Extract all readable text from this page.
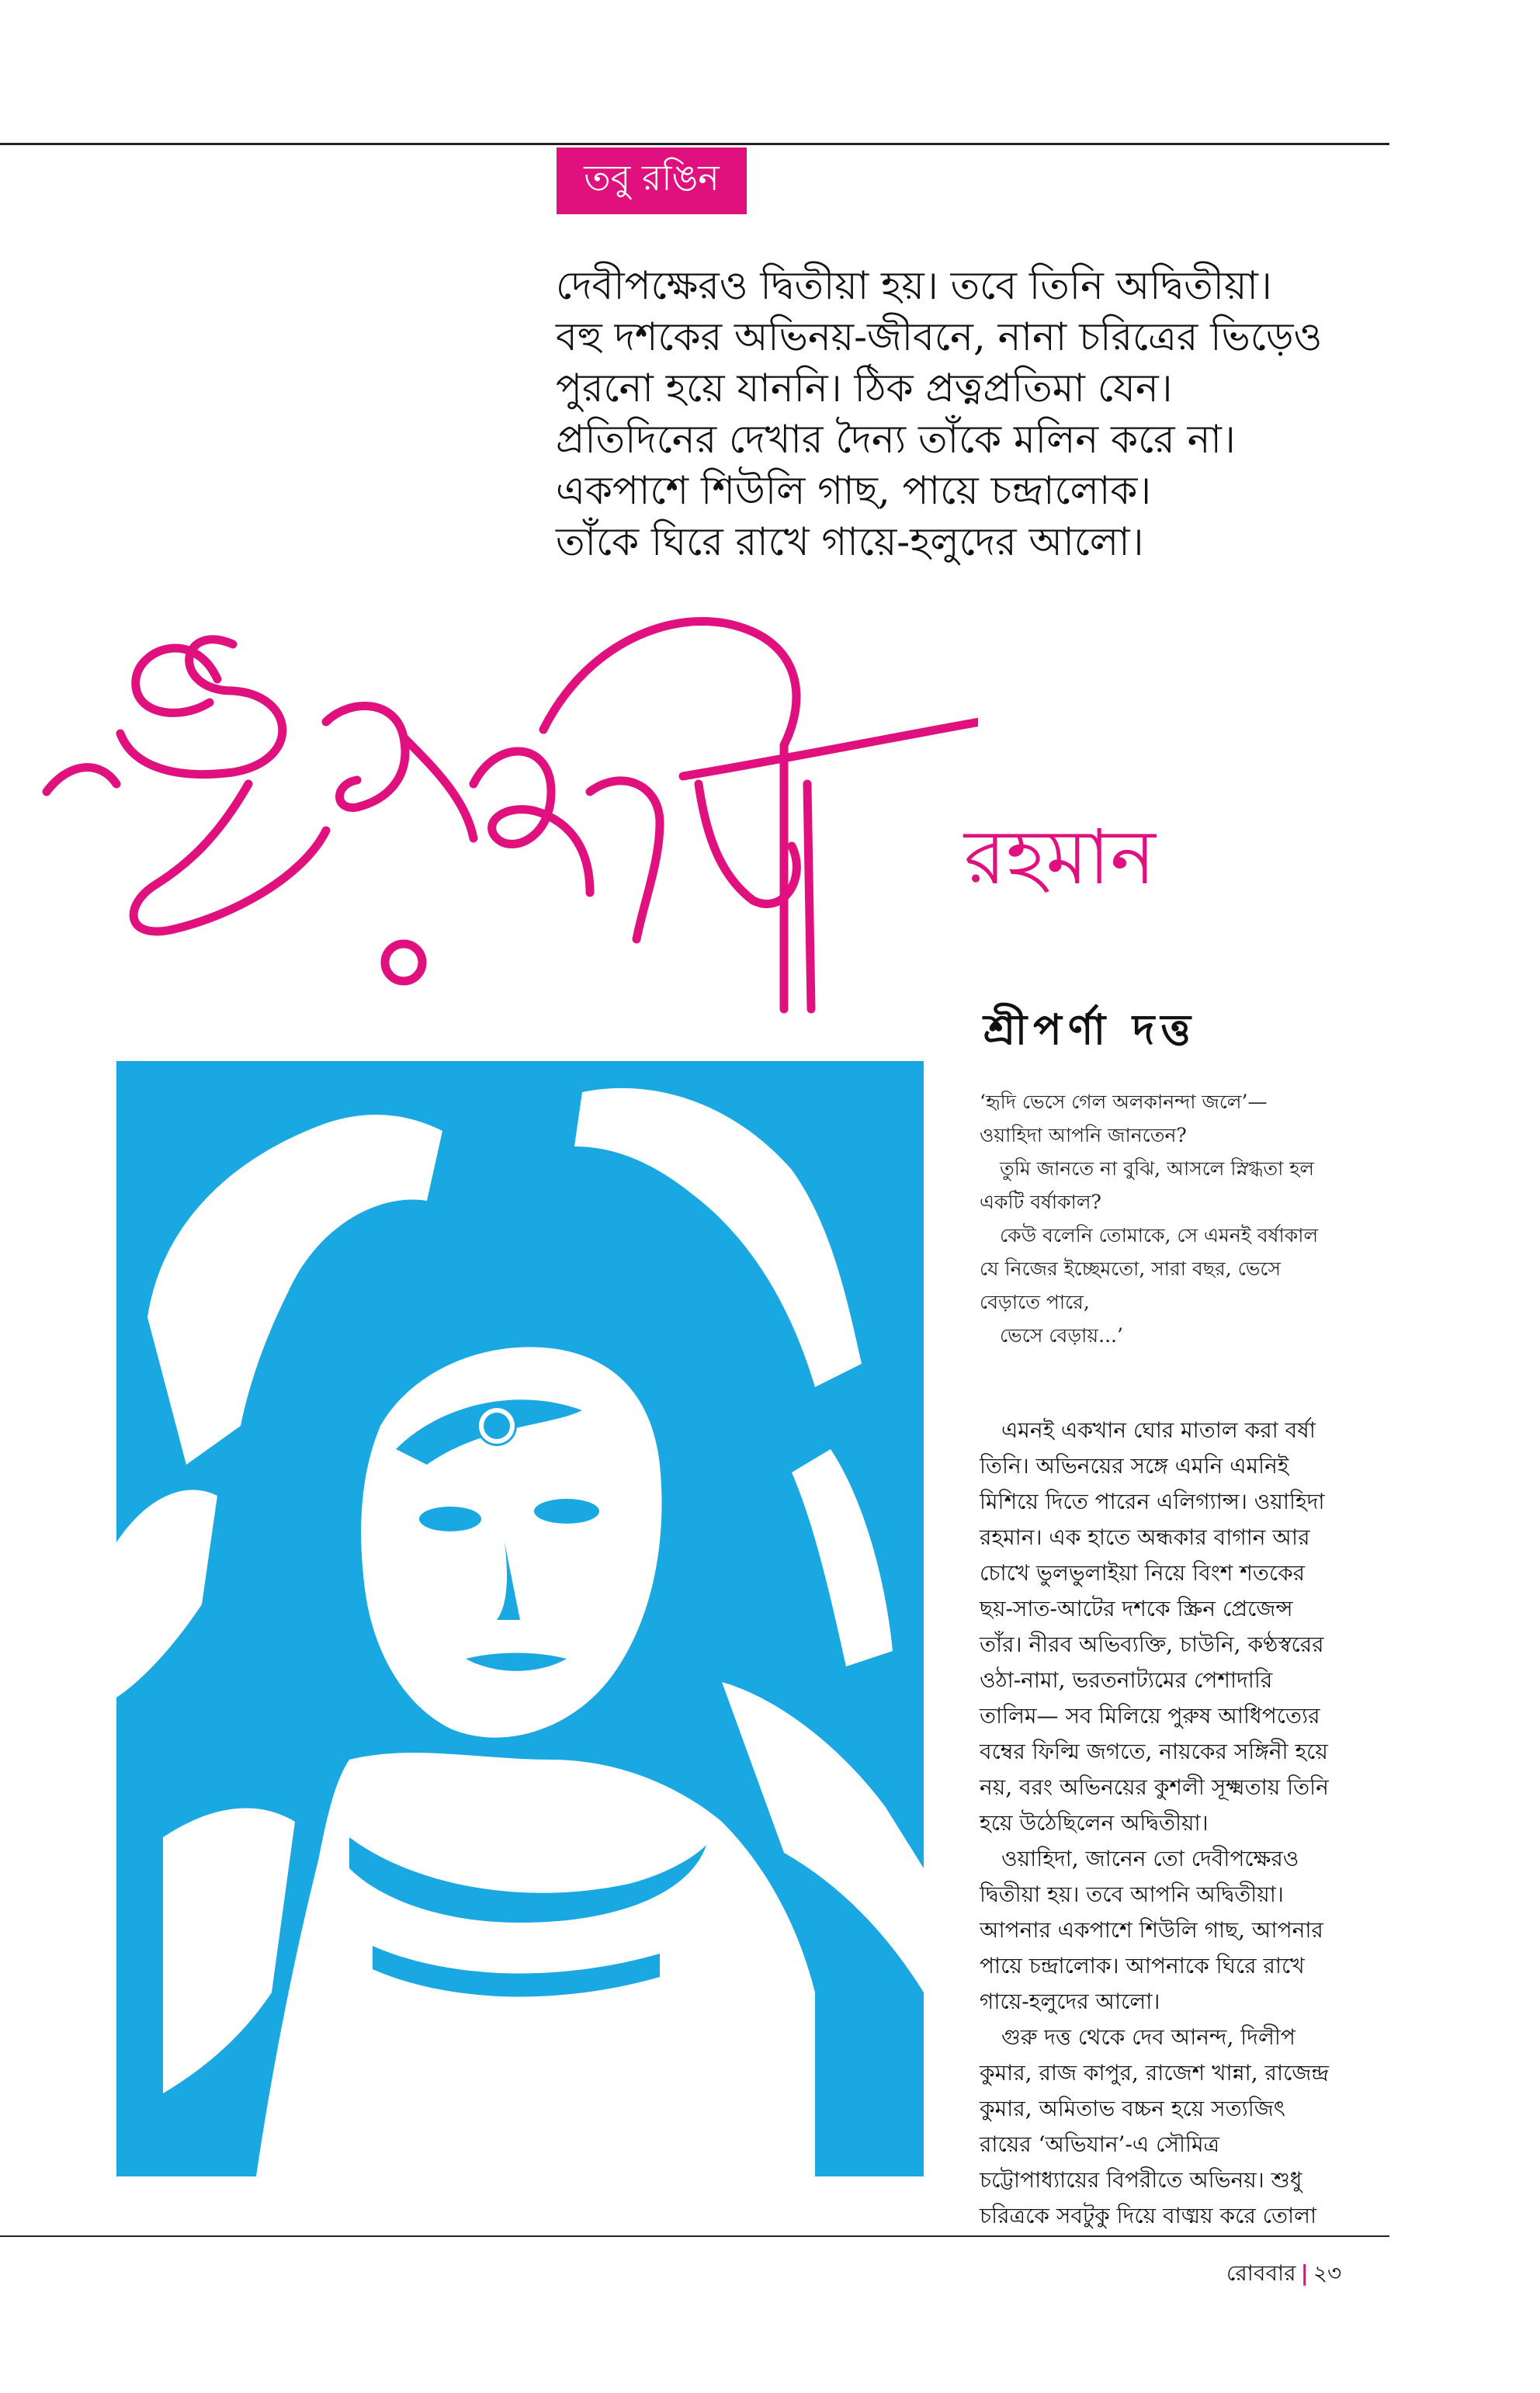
তবু রঙিন
দেবীপক্ষেরও দ্বিতীয়া হয়। তবে তিনি অদ্বিতীয়া।
বহু দশকের অভিনয়-জীবনে, নানা চরিত্রের ভিড়েও
পুরনো হয়ে যাননি। ঠিক প্রত্নপ্রতিমা যেন।
প্রতিদিনের দেখার দৈন্য তাঁকে মলিন করে না।
একপাশে শিউলি গাছ, পায়ে চন্দ্রালোক।
তাঁকে ঘিরে রাখে গায়ে-হলুদের আলো।
রহমান
শ্রীপর্ণা দত্ত

‘হৃদি ভেসে গেল অলকানন্দা জলে’—

ওয়াহিদা আপনি জানতেন?

তুমি জানতে না বুঝি, আসলে স্নিগ্ধতা হল

একটি বর্ষাকাল?

কেউ বলেনি তোমাকে, সে এমনই বর্ষাকাল

যে নিজের ইচ্ছেমতো, সারা বছর, ভেসে

বেড়াতে পারে,

ভেসে বেড়ায়...’

এমনই একখান ঘোর মাতাল করা বর্ষা

তিনি। অভিনয়ের সঙ্গে এমনি এমনিই

মিশিয়ে দিতে পারেন এলিগ্যান্স। ওয়াহিদা

রহমান। এক হাতে অন্ধকার বাগান আর

চোখে ভুলভুলাইয়া নিয়ে বিংশ শতকের

ছয়-সাত-আটের দশকে স্ক্রিন প্রেজেন্স

তাঁর। নীরব অভিব্যক্তি, চাউনি, কণ্ঠস্বরের

ওঠা-নামা, ভরতনাট্যমের পেশাদারি

তালিম— সব মিলিয়ে পুরুষ আধিপত্যের

বম্বের ফিল্মি জগতে, নায়কের সঙ্গিনী হয়ে

নয়, বরং অভিনয়ের কুশলী সূক্ষ্মতায় তিনি

হয়ে উঠেছিলেন অদ্বিতীয়া।

ওয়াহিদা, জানেন তো দেবীপক্ষেরও

দ্বিতীয়া হয়। তবে আপনি অদ্বিতীয়া।

আপনার একপাশে শিউলি গাছ, আপনার

পায়ে চন্দ্রালোক। আপনাকে ঘিরে রাখে

গায়ে-হলুদের আলো।

গুরু দত্ত থেকে দেব আনন্দ, দিলীপ

কুমার, রাজ কাপুর, রাজেশ খান্না, রাজেন্দ্র

কুমার, অমিতাভ বচ্চন হয়ে সত্যজিৎ

রায়ের ‘অভিযান’-এ সৌমিত্র

চট্টোপাধ্যায়ের বিপরীতে অভিনয়। শুধু

চরিত্রকে সবটুকু দিয়ে বাঙ্ময় করে তোলা

রোববার | ২৩
